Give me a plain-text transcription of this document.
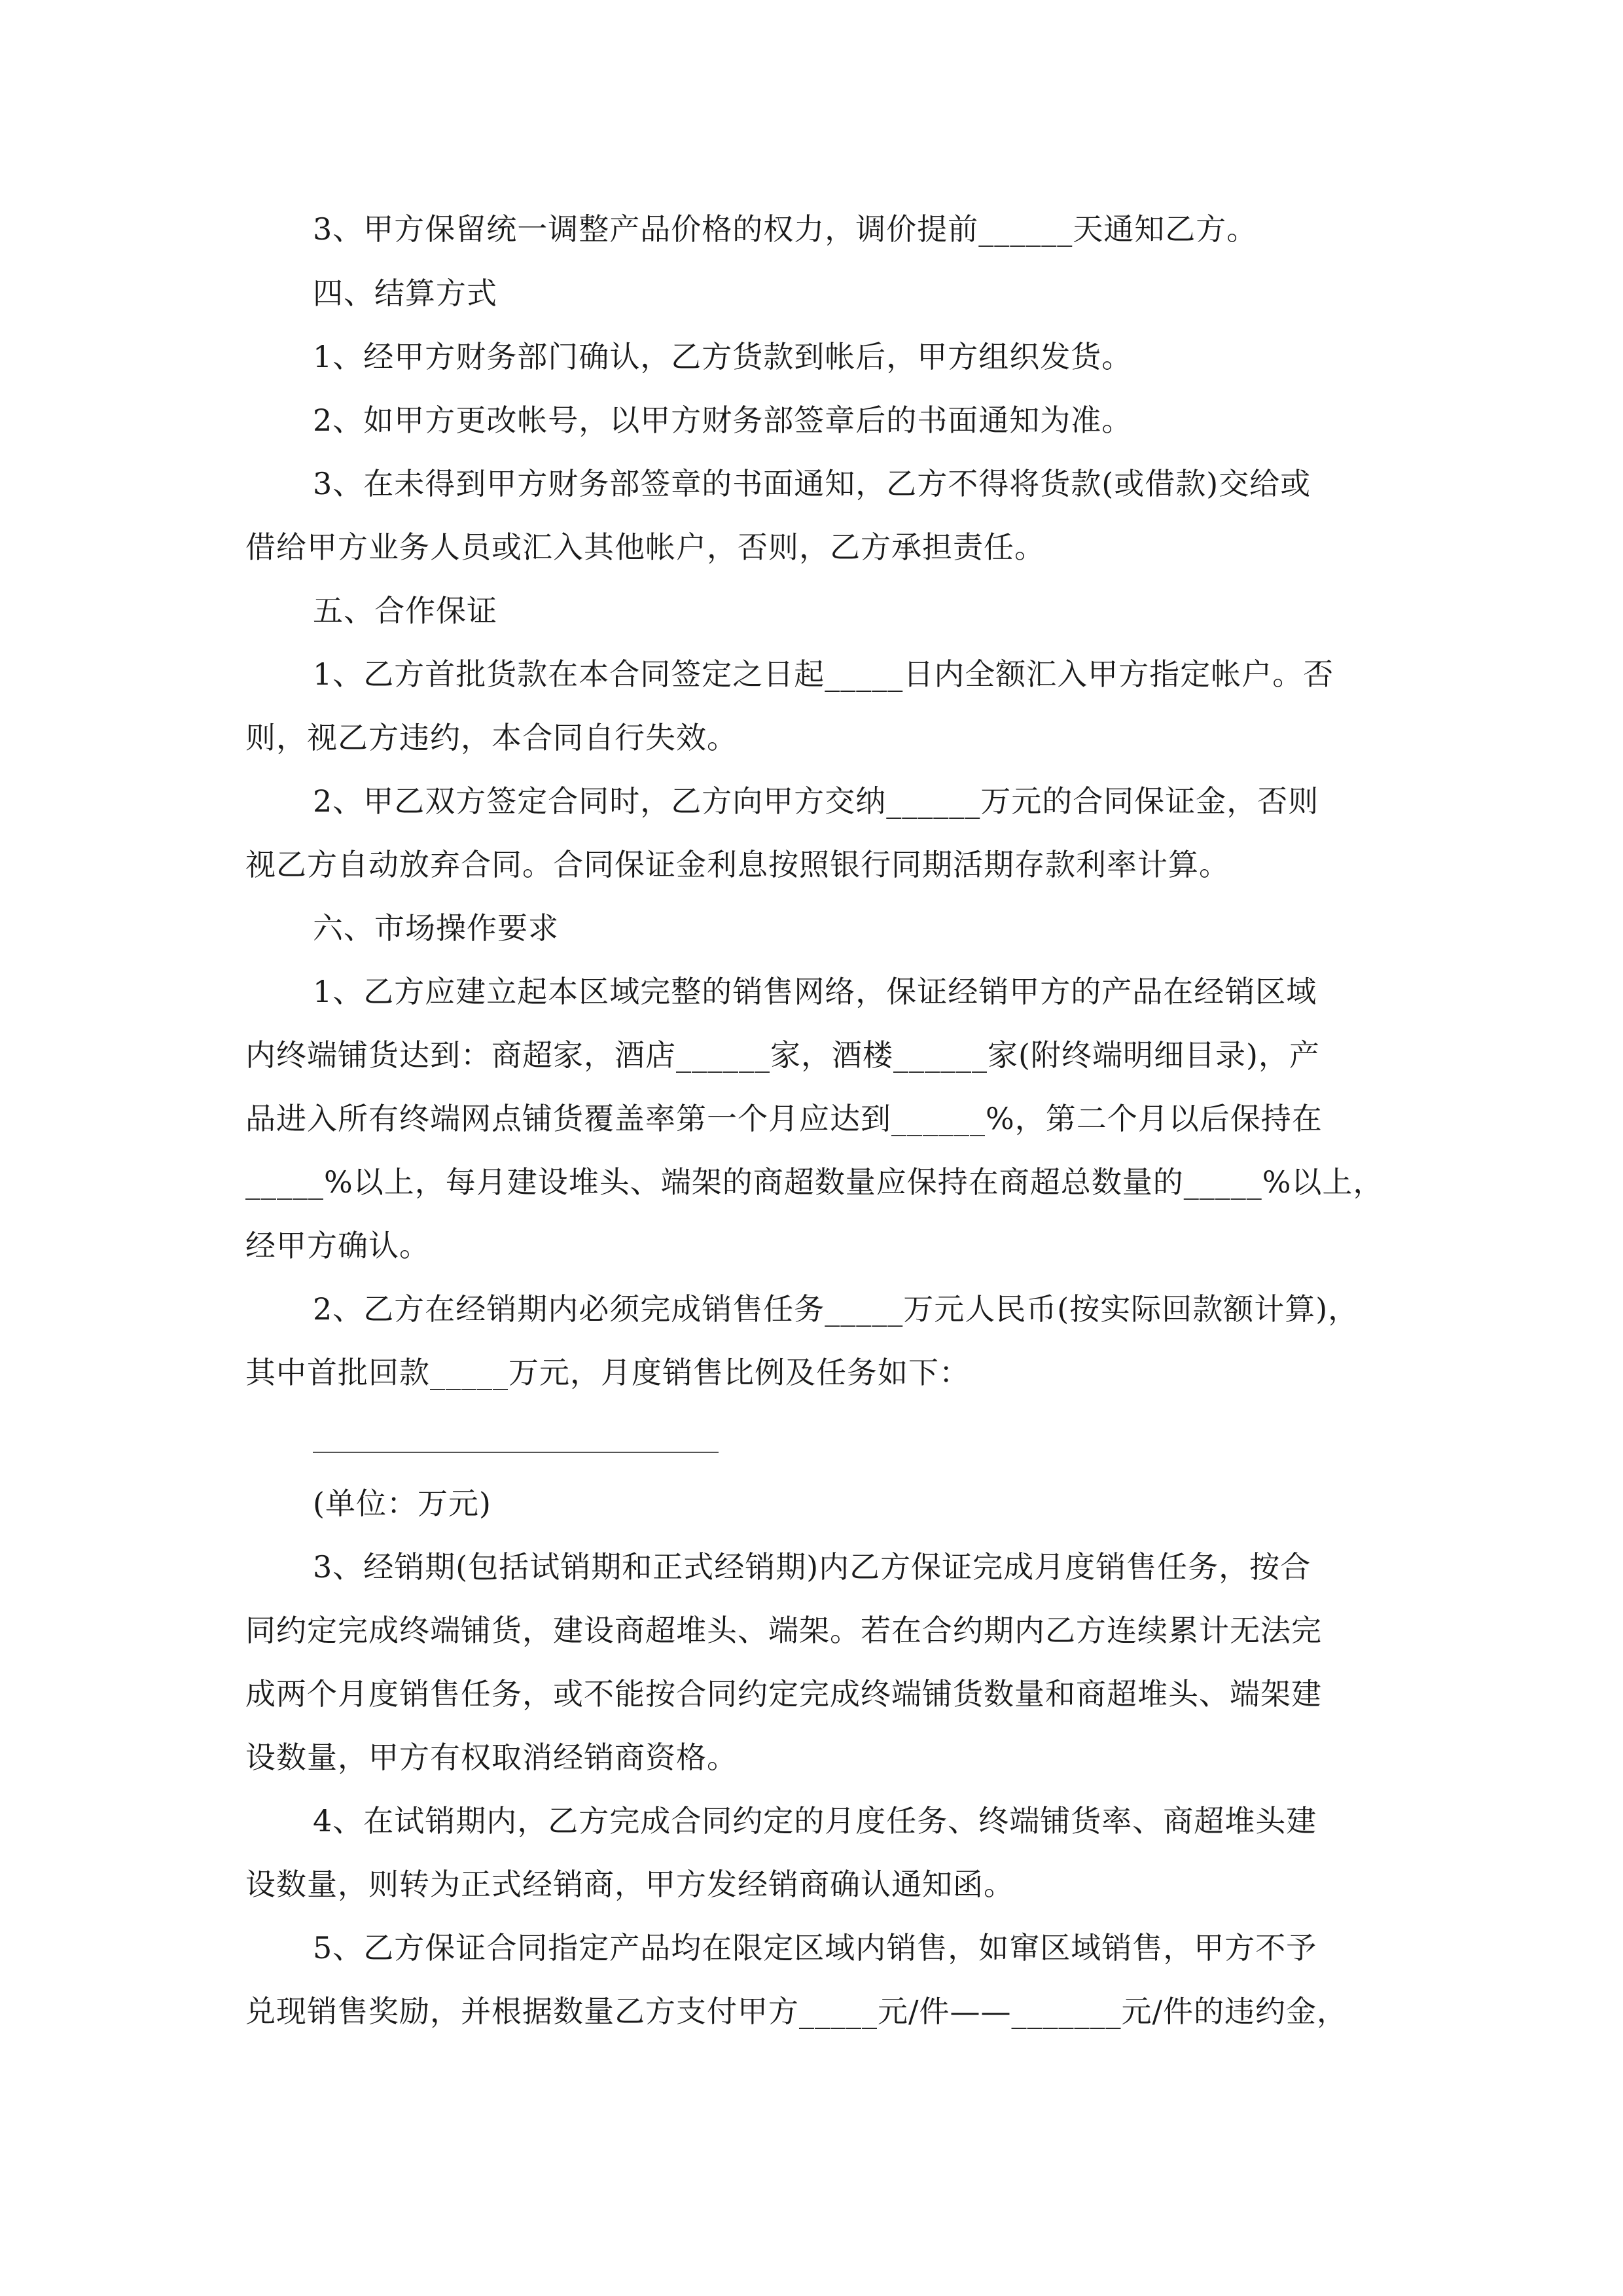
3、甲方保留统一调整产品价格的权力，调价提前______天通知乙方。
四、结算方式
1、经甲方财务部门确认，乙方货款到帐后，甲方组织发货。
2、如甲方更改帐号，以甲方财务部签章后的书面通知为准。
3、在未得到甲方财务部签章的书面通知，乙方不得将货款(或借款)交给或
借给甲方业务人员或汇入其他帐户，否则，乙方承担责任。
五、合作保证
1、乙方首批货款在本合同签定之日起_____日内全额汇入甲方指定帐户。否
则，视乙方违约，本合同自行失效。
2、甲乙双方签定合同时，乙方向甲方交纳______万元的合同保证金，否则
视乙方自动放弃合同。合同保证金利息按照银行同期活期存款利率计算。
六、市场操作要求
1、乙方应建立起本区域完整的销售网络，保证经销甲方的产品在经销区域
内终端铺货达到：商超家，酒店______家，酒楼______家(附终端明细目录)，产
品进入所有终端网点铺货覆盖率第一个月应达到______%，第二个月以后保持在
_____%以上，每月建设堆头、端架的商超数量应保持在商超总数量的_____%以上，
经甲方确认。
2、乙方在经销期内必须完成销售任务_____万元人民币(按实际回款额计算)，
其中首批回款_____万元，月度销售比例及任务如下：
(单位：万元)
3、经销期(包括试销期和正式经销期)内乙方保证完成月度销售任务，按合
同约定完成终端铺货，建设商超堆头、端架。若在合约期内乙方连续累计无法完
成两个月度销售任务，或不能按合同约定完成终端铺货数量和商超堆头、端架建
设数量，甲方有权取消经销商资格。
4、在试销期内，乙方完成合同约定的月度任务、终端铺货率、商超堆头建
设数量，则转为正式经销商，甲方发经销商确认通知函。
5、乙方保证合同指定产品均在限定区域内销售，如窜区域销售，甲方不予
兑现销售奖励，并根据数量乙方支付甲方_____元/件——_______元/件的违约金，
